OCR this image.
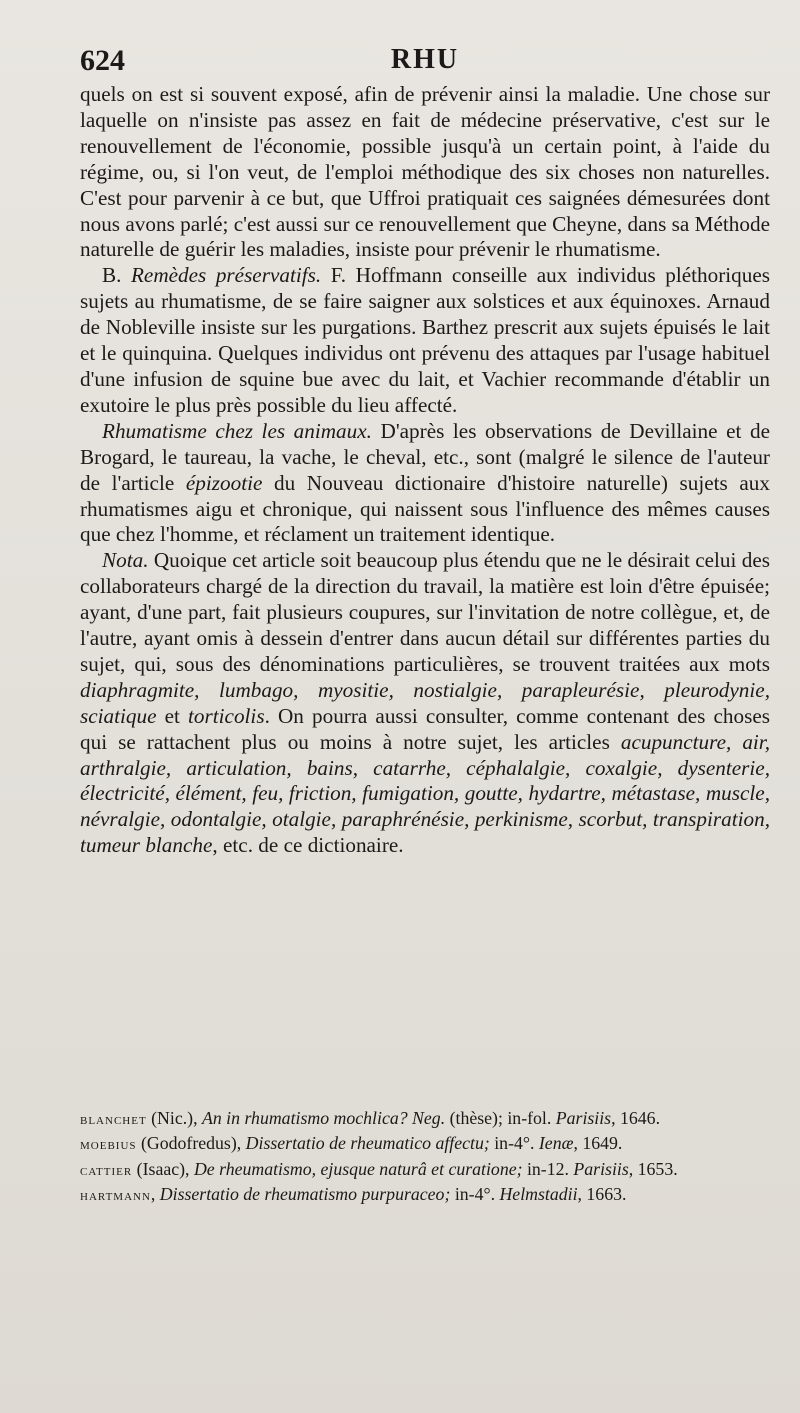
624	RHU

quels on est si souvent exposé, afin de prévenir ainsi la maladie. Une chose sur laquelle on n'insiste pas assez en fait de médecine préservative, c'est sur le renouvellement de l'économie, possible jusqu'à un certain point, à l'aide du régime, ou, si l'on veut, de l'emploi méthodique des six choses non naturelles. C'est pour parvenir à ce but, que Uffroi pratiquait ces saignées démesurées dont nous avons parlé; c'est aussi sur ce renouvellement que Cheyne, dans sa Méthode naturelle de guérir les maladies, insiste pour prévenir le rhumatisme.

B. Remèdes préservatifs. F. Hoffmann conseille aux individus pléthoriques sujets au rhumatisme, de se faire saigner aux solstices et aux équinoxes. Arnaud de Nobleville insiste sur les purgations. Barthez prescrit aux sujets épuisés le lait et le quinquina. Quelques individus ont prévenu des attaques par l'usage habituel d'une infusion de squine bue avec du lait, et Vachier recommande d'établir un exutoire le plus près possible du lieu affecté.

Rhumatisme chez les animaux. D'après les observations de Devillaine et de Brogard, le taureau, la vache, le cheval, etc., sont (malgré le silence de l'auteur de l'article épizootie du Nouveau dictionaire d'histoire naturelle) sujets aux rhumatismes aigu et chronique, qui naissent sous l'influence des mêmes causes que chez l'homme, et réclament un traitement identique.

Nota. Quoique cet article soit beaucoup plus étendu que ne le désirait celui des collaborateurs chargé de la direction du travail, la matière est loin d'être épuisée; ayant, d'une part, fait plusieurs coupures, sur l'invitation de notre collègue, et, de l'autre, ayant omis à dessein d'entrer dans aucun détail sur différentes parties du sujet, qui, sous des dénominations particulières, se trouvent traitées aux mots diaphragmite, lumbago, myositie, nostialgie, parapleurésie, pleurodynie, sciatique et torticolis. On pourra aussi consulter, comme contenant des choses qui se rattachent plus ou moins à notre sujet, les articles acupuncture, air, arthralgie, articulation, bains, catarrhe, céphalalgie, coxalgie, dysenterie, électricité, élément, feu, friction, fumigation, goutte, hydartre, métastase, muscle, névralgie, odontalgie, otalgie, paraphrénésie, perkinisme, scorbut, transpiration, tumeur blanche, etc. de ce dictionaire.

blanchet (Nic.), An in rhumatismo mochlica? Neg. (thèse); in-fol. Parisiis, 1646.
moebius (Godofredus), Dissertatio de rheumatico affectu; in-4°. Ienæ, 1649.
cattier (Isaac), De rheumatismo, ejusque naturâ et curatione; in-12. Parisiis, 1653.
hartmann, Dissertatio de rheumatismo purpuraceo; in-4°. Helmstadii, 1663.
